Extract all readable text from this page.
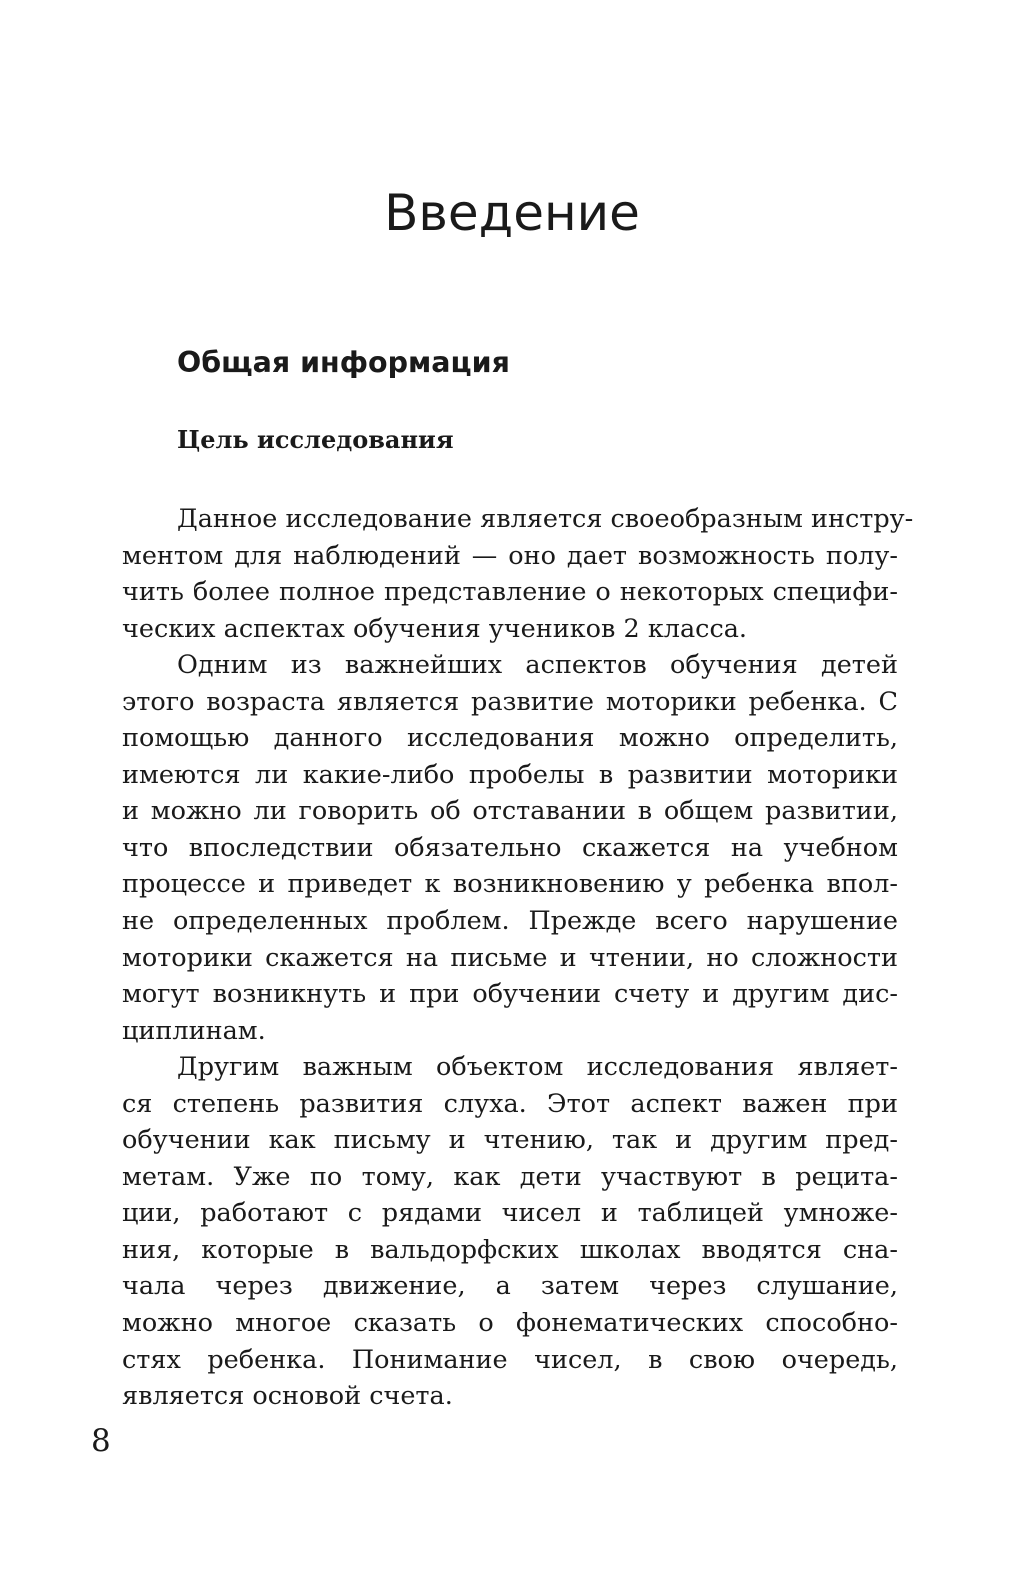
Введение
Общая информация
Цель исследования

Данное исследование является своеобразным инстру-
ментом для наблюдений — оно дает возможность полу-
чить более полное представление о некоторых специфи-
ческих аспектах обучения учеников 2 класса.

Одним из важнейших аспектов обучения детей
этого возраста является развитие моторики ребенка. С
помощью данного исследования можно определить,
имеются ли какие-либо пробелы в развитии моторики
и можно ли говорить об отставании в общем развитии,
что впоследствии обязательно скажется на учебном
процессе и приведет к возникновению у ребенка впол-
не определенных проблем. Прежде всего нарушение
моторики скажется на письме и чтении, но сложности
могут возникнуть и при обучении счету и другим дис-
циплинам.

Другим важным объектом исследования являет-
ся степень развития слуха. Этот аспект важен при
обучении как письму и чтению, так и другим пред-
метам. Уже по тому, как дети участвуют в рецита-
ции, работают с рядами чисел и таблицей умноже-
ния, которые в вальдорфских школах вводятся сна-
чала через движение, а затем через слушание,
можно многое сказать о фонематических способно-
стях ребенка. Понимание чисел, в свою очередь,
является основой счета.

8
